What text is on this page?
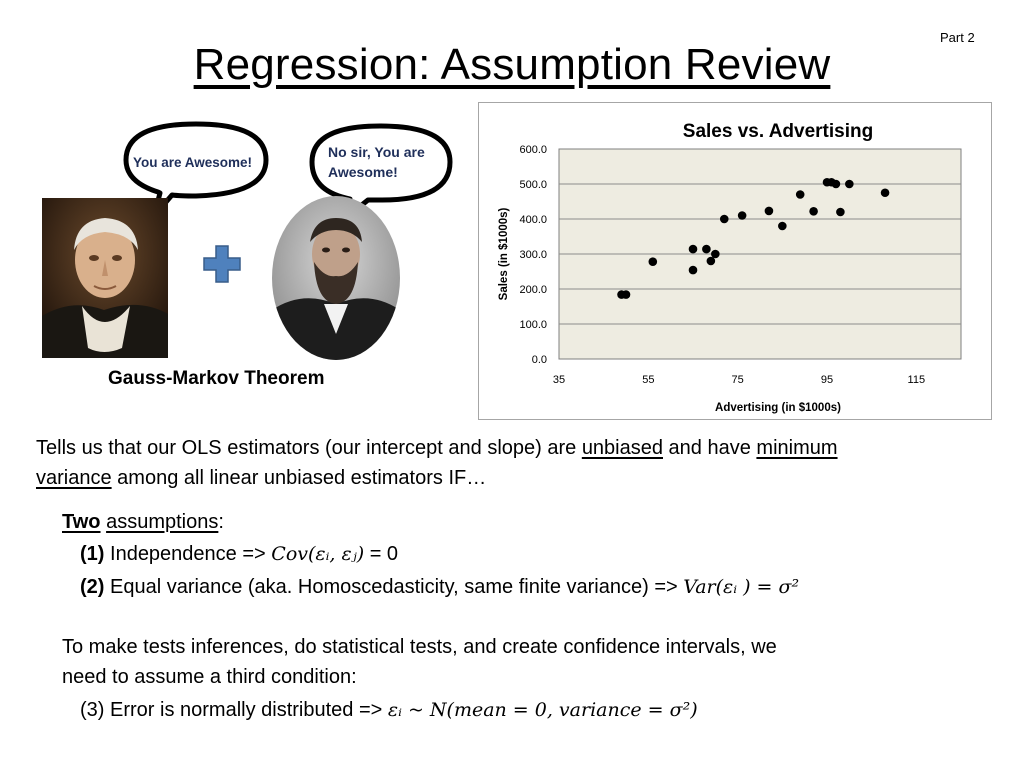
Part 2
Regression: Assumption Review
You are Awesome!
No sir, You are
Awesome!
Gauss-Markov Theorem
0.0
100.0
200.0
300.0
400.0
500.0
600.0
35	55	75	95	115
Sales vs. Advertising
Advertising (in $1000s)
Sales (in $1000s)
Tells us that our OLS estimators (our intercept and slope) are unbiased and have minimum
variance among all linear unbiased estimators IF…
Two assumptions:
(1) Independence => Cov(εᵢ, εⱼ) = 0
(2) Equal variance (aka. Homoscedasticity, same finite variance) => Var(εᵢ ) = σ²
To make tests inferences, do statistical tests, and create confidence intervals, we
need to assume a third condition:
(3) Error is normally distributed => εᵢ ~ N(mean = 0, variance = σ²)
